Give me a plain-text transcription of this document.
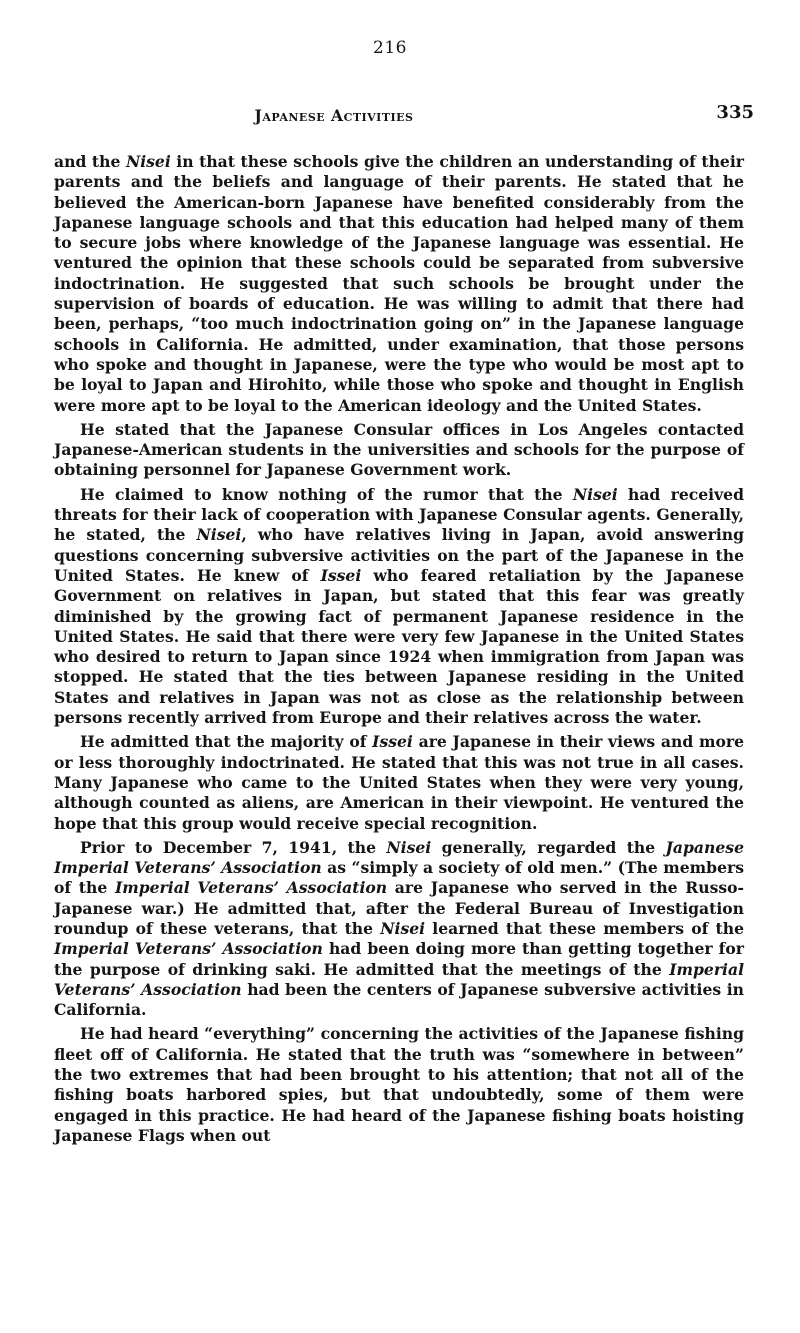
216
Japanese Activities	335

and the Nisei in that these schools give the children an understanding of their parents and the beliefs and language of their parents. He stated that he believed the American-born Japanese have benefited considerably from the Japanese language schools and that this education had helped many of them to secure jobs where knowledge of the Japanese language was essential. He ventured the opinion that these schools could be separated from subversive indoctrination. He suggested that such schools be brought under the supervision of boards of education. He was willing to admit that there had been, perhaps, “too much indoctrination going on” in the Japanese language schools in California. He admitted, under examination, that those persons who spoke and thought in Japanese, were the type who would be most apt to be loyal to Japan and Hirohito, while those who spoke and thought in English were more apt to be loyal to the American ideology and the United States.

He stated that the Japanese Consular offices in Los Angeles contacted Japanese-American students in the universities and schools for the purpose of obtaining personnel for Japanese Government work.

He claimed to know nothing of the rumor that the Nisei had received threats for their lack of cooperation with Japanese Consular agents. Generally, he stated, the Nisei, who have relatives living in Japan, avoid answering questions concerning subversive activities on the part of the Japanese in the United States. He knew of Issei who feared retaliation by the Japanese Government on relatives in Japan, but stated that this fear was greatly diminished by the growing fact of permanent Japanese residence in the United States. He said that there were very few Japanese in the United States who desired to return to Japan since 1924 when immigration from Japan was stopped. He stated that the ties between Japanese residing in the United States and relatives in Japan was not as close as the relationship between persons recently arrived from Europe and their relatives across the water.

He admitted that the majority of Issei are Japanese in their views and more or less thoroughly indoctrinated. He stated that this was not true in all cases. Many Japanese who came to the United States when they were very young, although counted as aliens, are American in their viewpoint. He ventured the hope that this group would receive special recognition.

Prior to December 7, 1941, the Nisei generally, regarded the Japanese Imperial Veterans’ Association as “simply a society of old men.” (The members of the Imperial Veterans’ Association are Japanese who served in the Russo-Japanese war.) He admitted that, after the Federal Bureau of Investigation roundup of these veterans, that the Nisei learned that these members of the Imperial Veterans’ Association had been doing more than getting together for the purpose of drinking saki. He admitted that the meetings of the Imperial Veterans’ Association had been the centers of Japanese subversive activities in California.

He had heard “everything” concerning the activities of the Japanese fishing fleet off of California. He stated that the truth was “somewhere in between” the two extremes that had been brought to his attention; that not all of the fishing boats harbored spies, but that undoubtedly, some of them were engaged in this practice. He had heard of the Japanese fishing boats hoisting Japanese Flags when out
